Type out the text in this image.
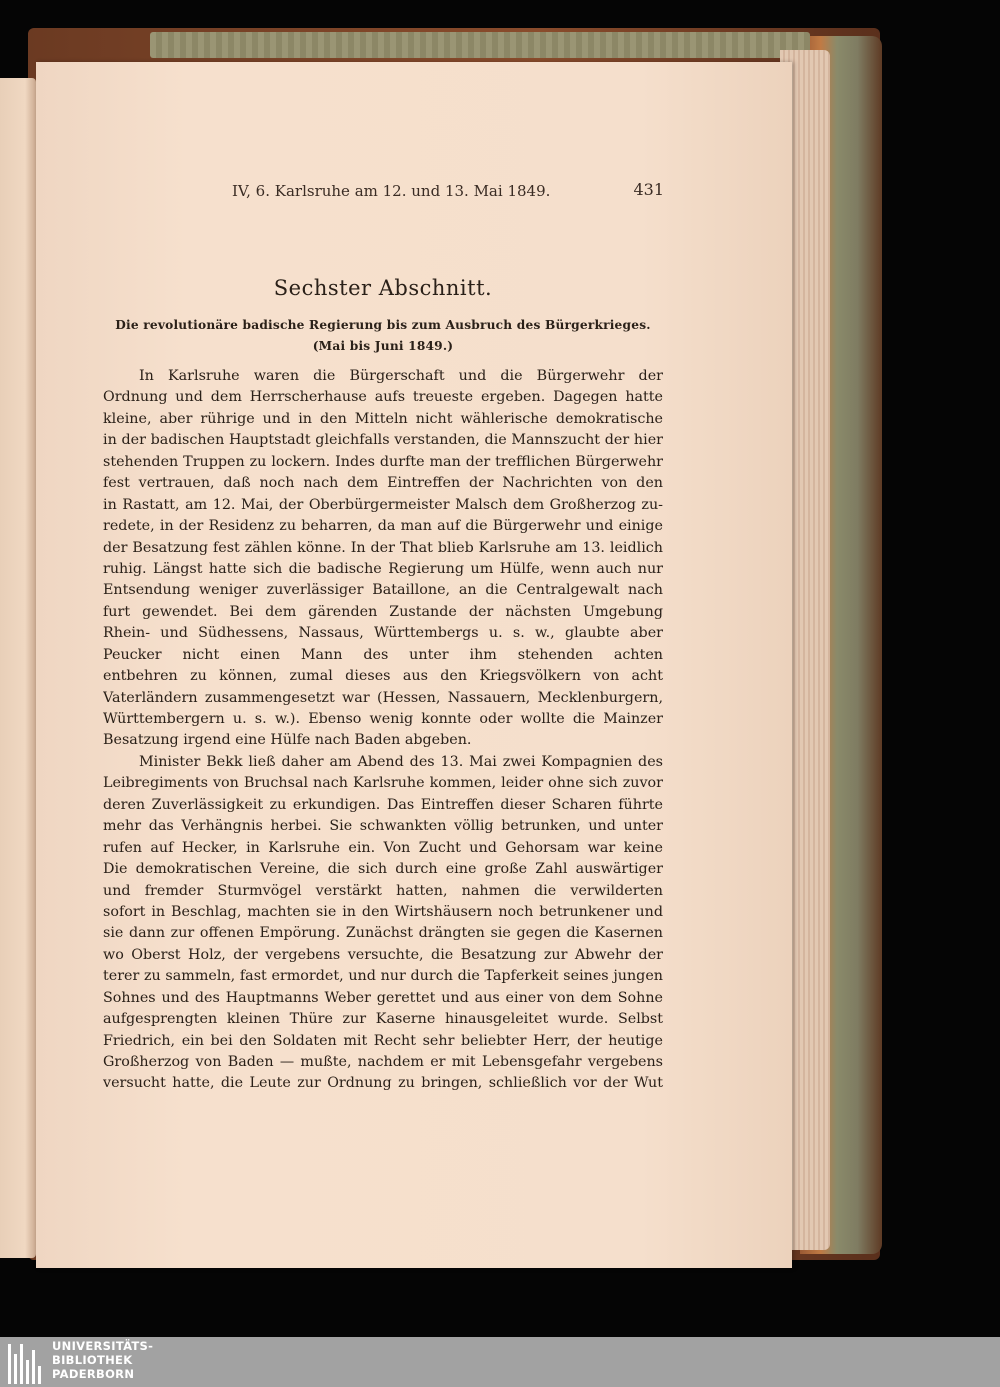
IV, 6. Karlsruhe am 12. und 13. Mai 1849.	431
Sechster Abschnitt.
Die revolutionäre badische Regierung bis zum Ausbruch des Bürgerkrieges.
(Mai bis Juni 1849.)
In Karlsruhe waren die Bürgerschaft und die Bürgerwehr der
Ordnung und dem Herrscherhause aufs treueste ergeben. Dagegen hatte
kleine, aber rührige und in den Mitteln nicht wählerische demokratische
in der badischen Hauptstadt gleichfalls verstanden, die Mannszucht der hier
stehenden Truppen zu lockern. Indes durfte man der trefflichen Bürgerwehr
fest vertrauen, daß noch nach dem Eintreffen der Nachrichten von den
in Rastatt, am 12. Mai, der Oberbürgermeister Malsch dem Großherzog zu-
redete, in der Residenz zu beharren, da man auf die Bürgerwehr und einige
der Besatzung fest zählen könne. In der That blieb Karlsruhe am 13. leidlich
ruhig. Längst hatte sich die badische Regierung um Hülfe, wenn auch nur
Entsendung weniger zuverlässiger Bataillone, an die Centralgewalt nach
furt gewendet. Bei dem gärenden Zustande der nächsten Umgebung
Rhein- und Südhessens, Nassaus, Württembergs u. s. w., glaubte aber
Peucker nicht einen Mann des unter ihm stehenden achten
entbehren zu können, zumal dieses aus den Kriegsvölkern von acht
Vaterländern zusammengesetzt war (Hessen, Nassauern, Mecklenburgern,
Württembergern u. s. w.). Ebenso wenig konnte oder wollte die Mainzer
Besatzung irgend eine Hülfe nach Baden abgeben.
Minister Bekk ließ daher am Abend des 13. Mai zwei Kompagnien des
Leibregiments von Bruchsal nach Karlsruhe kommen, leider ohne sich zuvor
deren Zuverlässigkeit zu erkundigen. Das Eintreffen dieser Scharen führte
mehr das Verhängnis herbei. Sie schwankten völlig betrunken, und unter
rufen auf Hecker, in Karlsruhe ein. Von Zucht und Gehorsam war keine
Die demokratischen Vereine, die sich durch eine große Zahl auswärtiger
und fremder Sturmvögel verstärkt hatten, nahmen die verwilderten
sofort in Beschlag, machten sie in den Wirtshäusern noch betrunkener und
sie dann zur offenen Empörung. Zunächst drängten sie gegen die Kasernen
wo Oberst Holz, der vergebens versuchte, die Besatzung zur Abwehr der
terer zu sammeln, fast ermordet, und nur durch die Tapferkeit seines jungen
Sohnes und des Hauptmanns Weber gerettet und aus einer von dem Sohne
aufgesprengten kleinen Thüre zur Kaserne hinausgeleitet wurde. Selbst
Friedrich, ein bei den Soldaten mit Recht sehr beliebter Herr, der heutige
Großherzog von Baden — mußte, nachdem er mit Lebensgefahr vergebens
versucht hatte, die Leute zur Ordnung zu bringen, schließlich vor der Wut
UNIVERSITÄTS-
BIBLIOTHEK
PADERBORN
